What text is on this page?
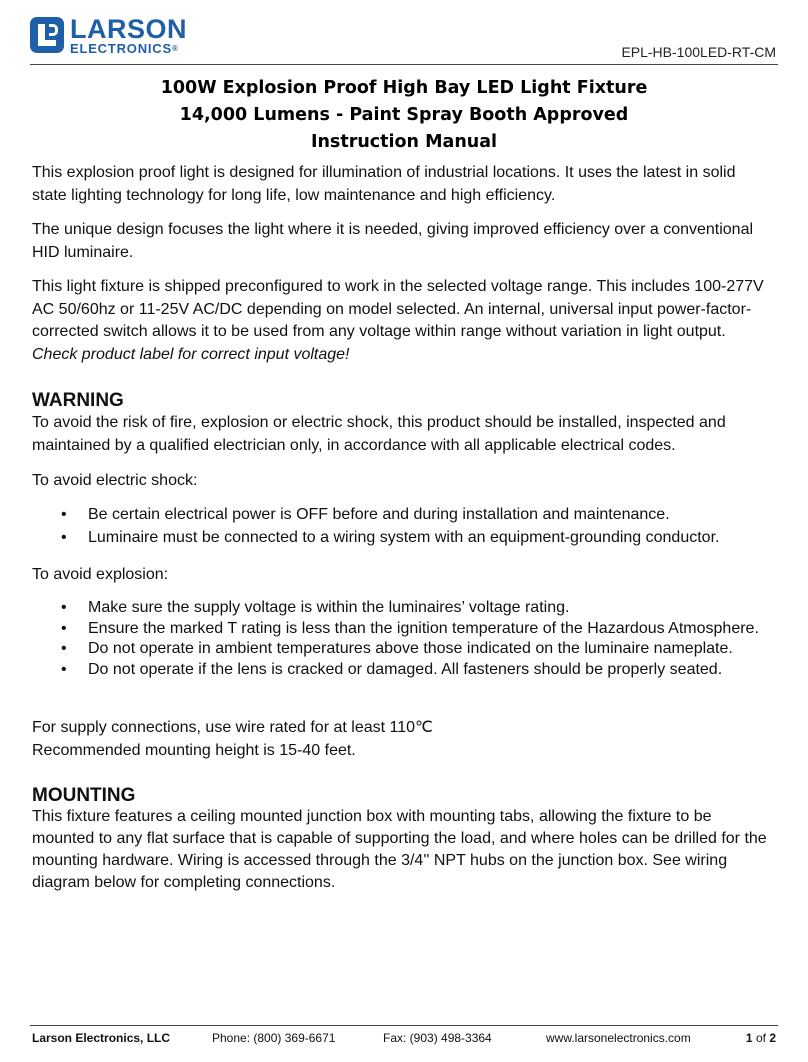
LARSON
ELECTRONICS®	EPL-HB-100LED-RT-CM
100W Explosion Proof High Bay LED Light Fixture
14,000 Lumens - Paint Spray Booth Approved
Instruction Manual

This explosion proof light is designed for illumination of industrial locations. It uses the latest in solid state lighting technology for long life, low maintenance and high efficiency.

The unique design focuses the light where it is needed, giving improved efficiency over a conventional HID luminaire.

This light fixture is shipped preconfigured to work in the selected voltage range. This includes 100-277V AC 50/60hz or 11-25V AC/DC depending on model selected. An internal, universal input power-factor-corrected switch allows it to be used from any voltage within range without variation in light output. Check product label for correct input voltage!

WARNING

To avoid the risk of fire, explosion or electric shock, this product should be installed, inspected and maintained by a qualified electrician only, in accordance with all applicable electrical codes.

To avoid electric shock:
• Be certain electrical power is OFF before and during installation and maintenance.
• Luminaire must be connected to a wiring system with an equipment-grounding conductor.
To avoid explosion:
• Make sure the supply voltage is within the luminaires’ voltage rating.
• Ensure the marked T rating is less than the ignition temperature of the Hazardous Atmosphere.
• Do not operate in ambient temperatures above those indicated on the luminaire nameplate.
• Do not operate if the lens is cracked or damaged. All fasteners should be properly seated.
For supply connections, use wire rated for at least 110℃
Recommended mounting height is 15-40 feet.
MOUNTING

This fixture features a ceiling mounted junction box with mounting tabs, allowing the fixture to be mounted to any flat surface that is capable of supporting the load, and where holes can be drilled for the mounting hardware. Wiring is accessed through the 3/4'' NPT hubs on the junction box. See wiring diagram below for completing connections.

Larson Electronics, LLC	Phone: (800) 369-6671	Fax: (903) 498-3364	www.larsonelectronics.com	1 of 2
